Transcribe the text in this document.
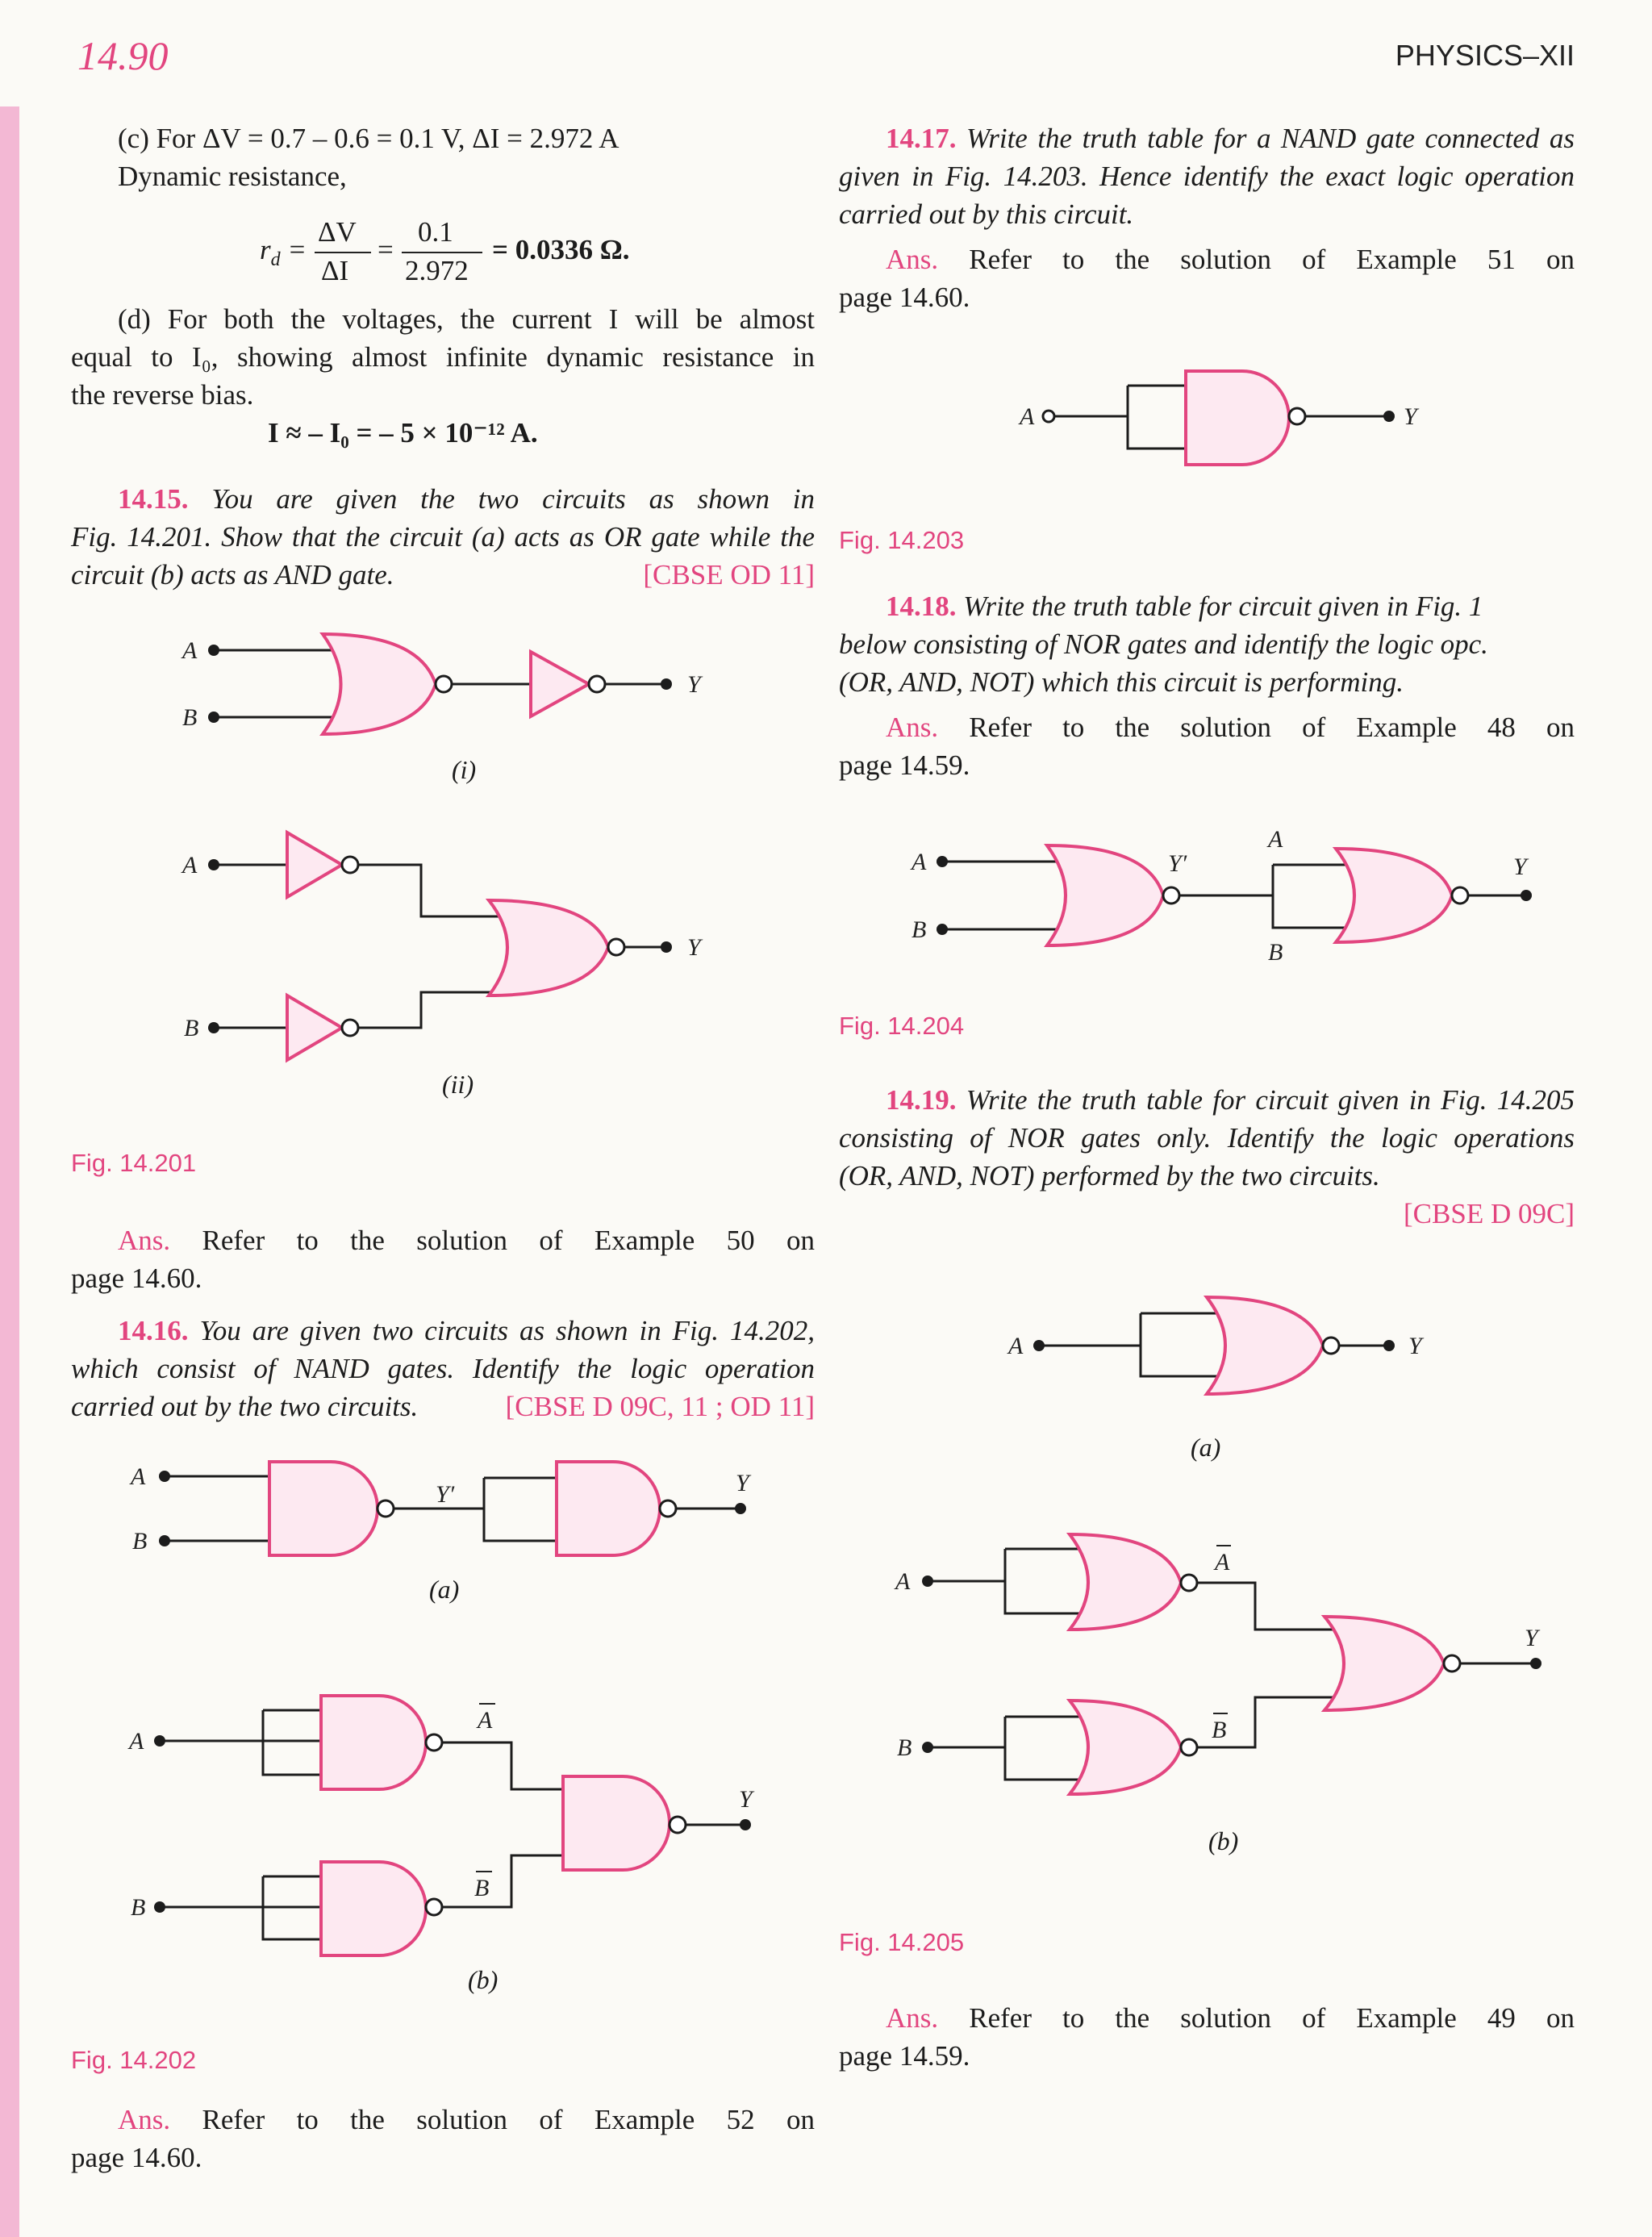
14.90	PHYSICS–XII

(c) For ΔV = 0.7 – 0.6 = 0.1 V, ΔI = 2.972 A

Dynamic resistance,

$r_d$ =
ΔV
ΔI
=
0.1
2.972
= 0.0336 Ω.

(d) For both the voltages, the current I will be almost

equal to I₀, showing almost infinite dynamic resistance in

the reverse bias.

I ≈ – I₀ = – 5 × 10⁻¹² A.

14.15. You are given the two circuits as shown in

Fig. 14.201. Show that the circuit (a) acts as OR gate while the

circuit (b) acts as AND gate.	[CBSE OD 11]

A
B
Y
A
B
Y
A
B
Y′	Y
A
B
A
B
Y
A	Y
A
B
Y′
A
B
Y
A	Y
A
B
A
B
Y
(i)
(ii)
Fig. 14.201

Ans. Refer to the solution of Example 50 on

page 14.60.

14.16. You are given two circuits as shown in Fig. 14.202,

which consist of NAND gates. Identify the logic operation

carried out by the two circuits.	[CBSE D 09C, 11 ; OD 11]

(a)
(b)
Fig. 14.202

Ans. Refer to the solution of Example 52 on

page 14.60.

14.17. Write the truth table for a NAND gate connected as

given in Fig. 14.203. Hence identify the exact logic operation

carried out by this circuit.

Ans. Refer to the solution of Example 51 on

page 14.60.

Fig. 14.203

14.18. Write the truth table for circuit given in Fig. 1

below consisting of NOR gates and identify the logic opc.

(OR, AND, NOT) which this circuit is performing.

Ans. Refer to the solution of Example 48 on

page 14.59.

Fig. 14.204

14.19. Write the truth table for circuit given in Fig. 14.205

consisting of NOR gates only. Identify the logic operations

(OR, AND, NOT) performed by the two circuits.

[CBSE D 09C]

(a)
(b)
Fig. 14.205

Ans. Refer to the solution of Example 49 on

page 14.59.
